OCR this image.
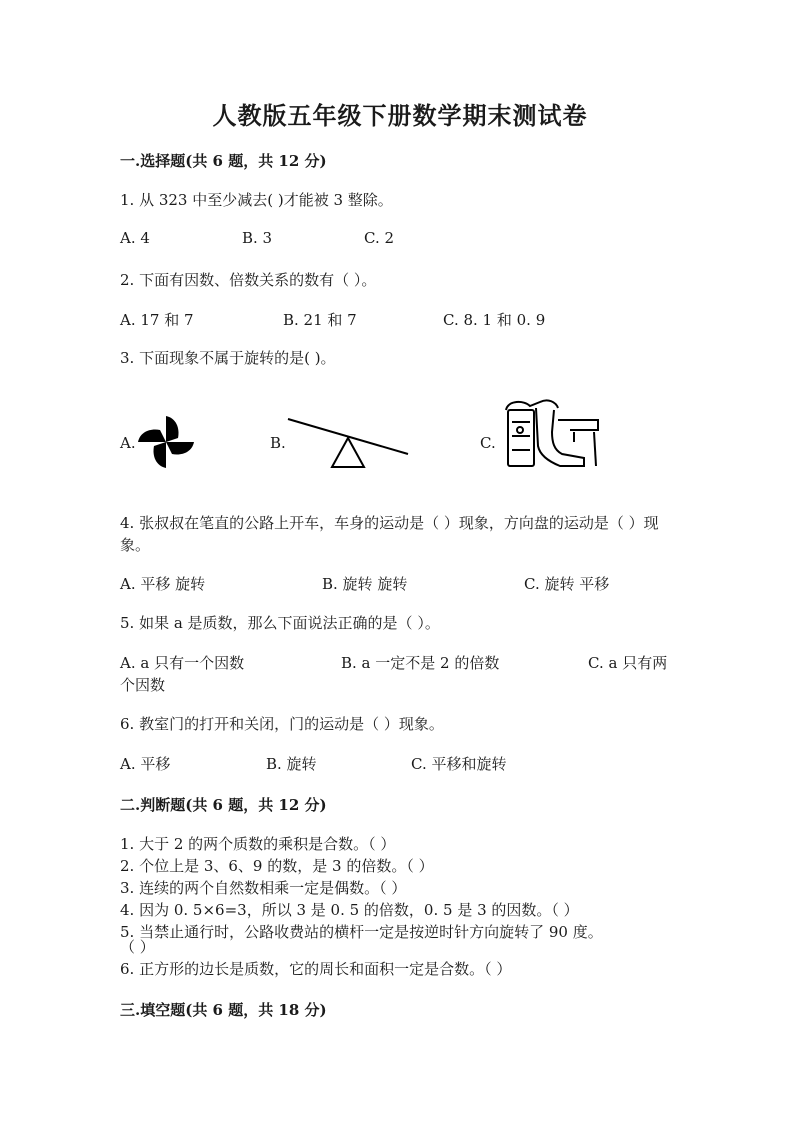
人教版五年级下册数学期末测试卷
一.选择题(共 6 题，共 12 分)
1. 从 323 中至少减去( )才能被 3 整除。
A. 4	B. 3	C. 2
2. 下面有因数、倍数关系的数有（ ）。
A. 17 和 7	B. 21 和 7	C. 8. 1 和 0. 9
3. 下面现象不属于旋转的是( )。
A.	B.	C.
4. 张叔叔在笔直的公路上开车，车身的运动是（ ）现象，方向盘的运动是（ ）现象。
A. 平移 旋转	B. 旋转 旋转	C. 旋转 平移
5. 如果 a 是质数，那么下面说法正确的是（ ）。
A. a 只有一个因数	B. a 一定不是 2 的倍数	C. a 只有两
个因数
6. 教室门的打开和关闭，门的运动是（ ）现象。
A. 平移	B. 旋转	C. 平移和旋转
二.判断题(共 6 题，共 12 分)
1. 大于 2 的两个质数的乘积是合数。（ ）
2. 个位上是 3、6、9 的数，是 3 的倍数。（ ）
3. 连续的两个自然数相乘一定是偶数。（ ）
4. 因为 0. 5×6=3，所以 3 是 0. 5 的倍数，0. 5 是 3 的因数。（ ）
5. 当禁止通行时，公路收费站的横杆一定是按逆时针方向旋转了 90 度。
（ ）
6. 正方形的边长是质数，它的周长和面积一定是合数。（ ）
三.填空题(共 6 题，共 18 分)
